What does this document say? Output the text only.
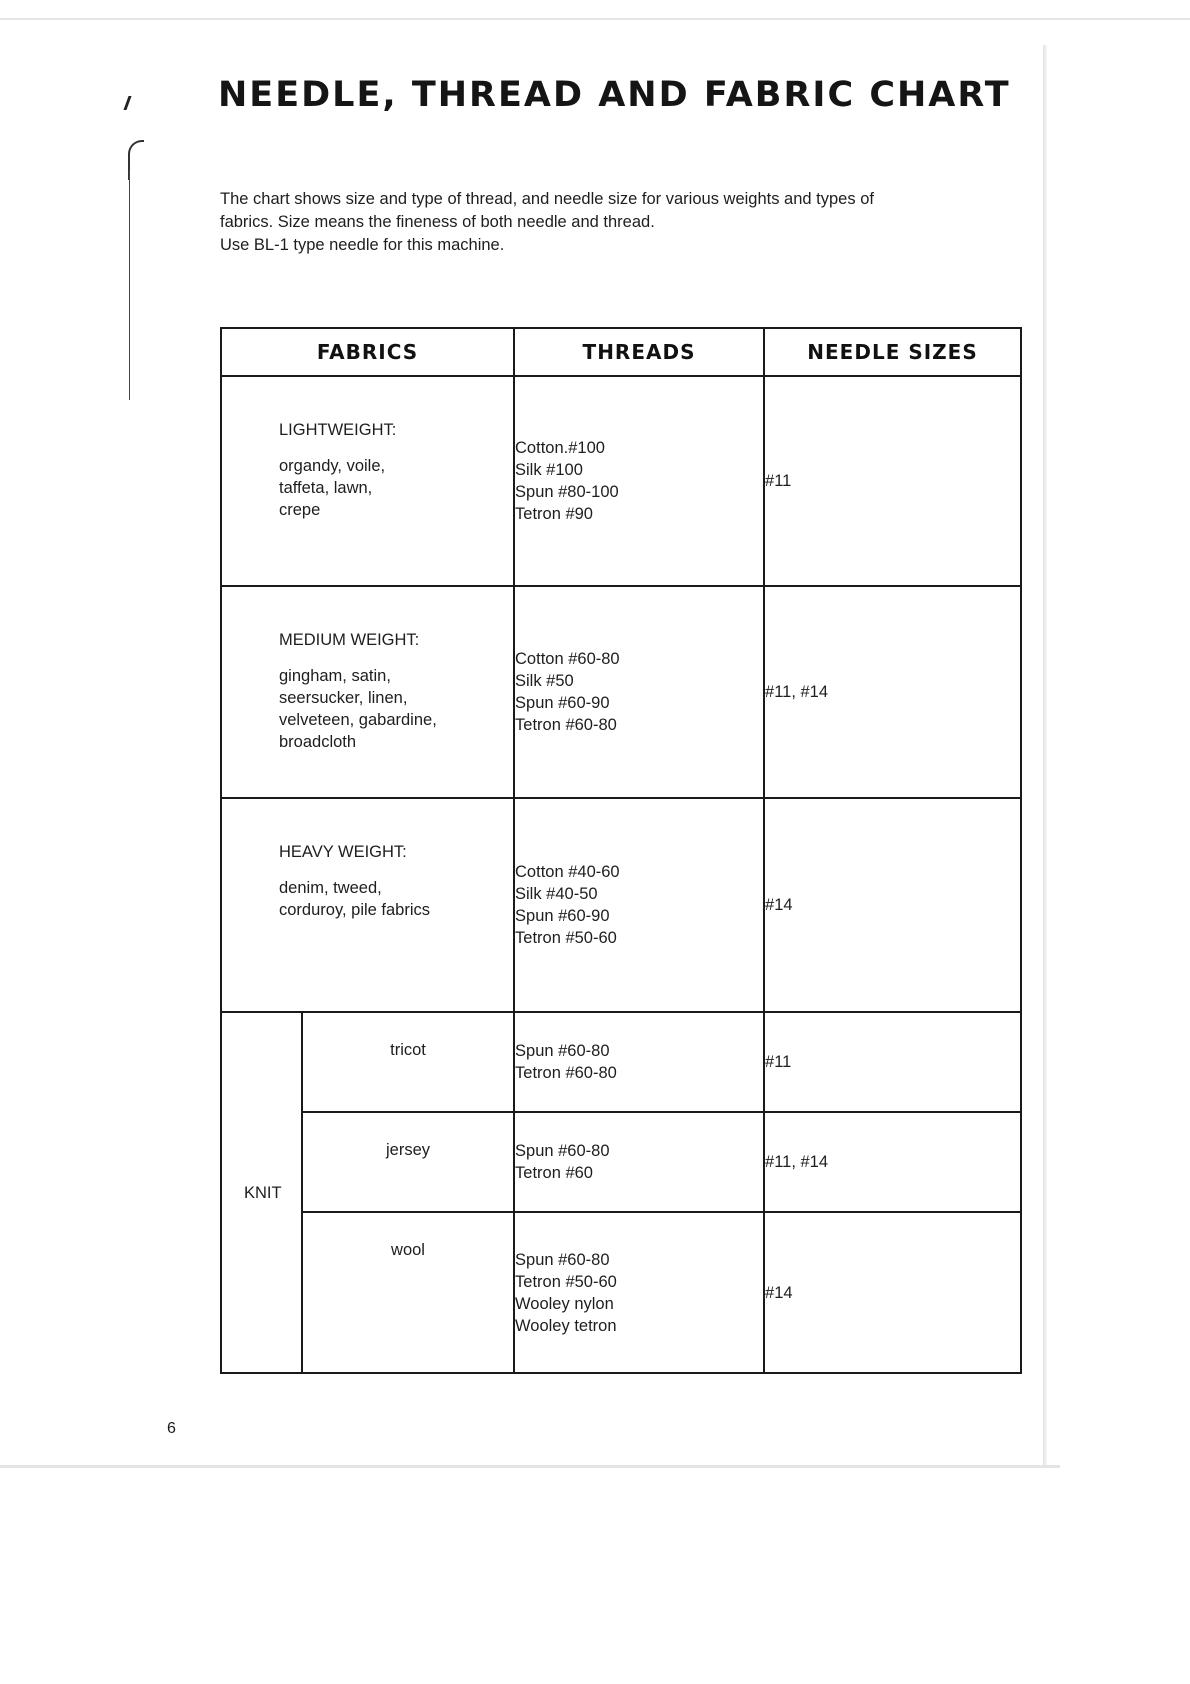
NEEDLE, THREAD AND FABRIC CHART

The chart shows size and type of thread, and needle size for various weights and types of

fabrics. Size means the fineness of both needle and thread.

Use BL-1 type needle for this machine.

FABRICS		THREADS	NEEDLE SIZES

LIGHTWEIGHT:
organdy, voile,
taffeta, lawn,
crepe		Cotton.#100
Silk #100
Spun #80-100
Tetron #90	#11

MEDIUM WEIGHT:
gingham, satin,
seersucker, linen,
velveteen, gabardine,
broadcloth		Cotton #60-80
Silk #50
Spun #60-90
Tetron #60-80	#11, #14

HEAVY WEIGHT:
denim, tweed,
corduroy, pile fabrics		Cotton #40-60
Silk #40-50
Spun #60-90
Tetron #50-60	#14
KNIT	tricot	Spun #60-80
Tetron #60-80	#11
	jersey	Spun #60-80
Tetron #60	#11, #14
	wool	Spun #60-80
Tetron #50-60
Wooley nylon
Wooley tetron	#14
6
